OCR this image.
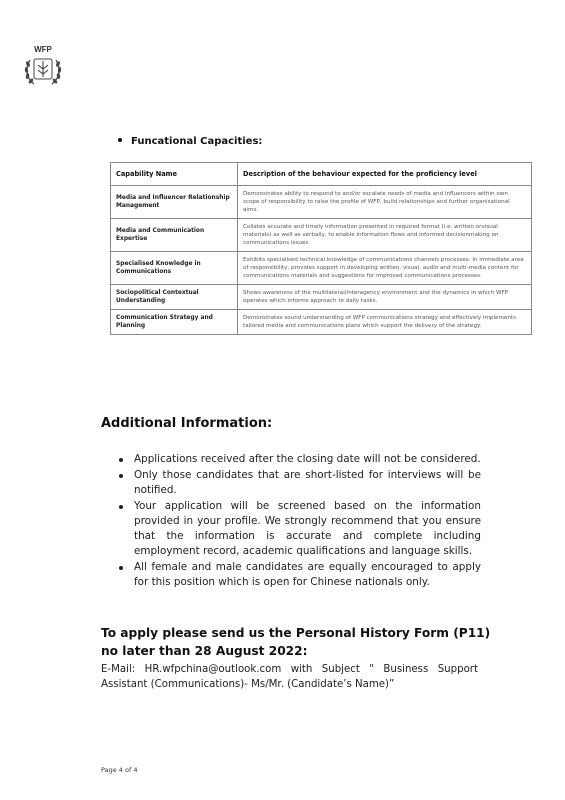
WFP
Funcational Capacities:
Capability Name	Description of the behaviour expected for the proficiency level
Media and Influencer Relationship Management	Demonstrates ability to respond to and/or escalate needs of media and influencers within own scope of responsibility to raise the profile of WFP, build relationships and further organisational aims.
Media and Communication Expertise	Collates accurate and timely information presented in required format (i.e. written orvisual materials) as well as verbally, to enable information flows and informed decisionmaking on communications issues.
Specialised Knowledge in Communications	Exhibits specialised technical knowledge of communications channels processes. In immediate area of responsibility, provides support in developing written, visual, audio and multi-media content for communications materials and suggestions for improved communications processes.
Sociopolitical Contextual Understanding	Shows awareness of the multilateral/interagency environment and the dynamics in which WFP operates which informs approach to daily tasks.
Communication Strategy and Planning	Demonstrates sound understanding of WFP communications strategy and effectively implements tailored media and communications plans which support the delivery of the strategy.
Additional Information:
Applications received after the closing date will not be considered.
Only those candidates that are short-listed for interviews will be notified.
Your application will be screened based on the information provided in your profile. We strongly recommend that you ensure that the information is accurate and complete including employment record, academic qualifications and language skills.
All female and male candidates are equally encouraged to apply for this position which is open for Chinese nationals only.
To apply please send us the Personal History Form (P11) no later than 28 August 2022:
E-Mail: HR.wfpchina@outlook.com with Subject " Business Support Assistant (Communications)- Ms/Mr. (Candidate’s Name)”
Page 4 of 4
